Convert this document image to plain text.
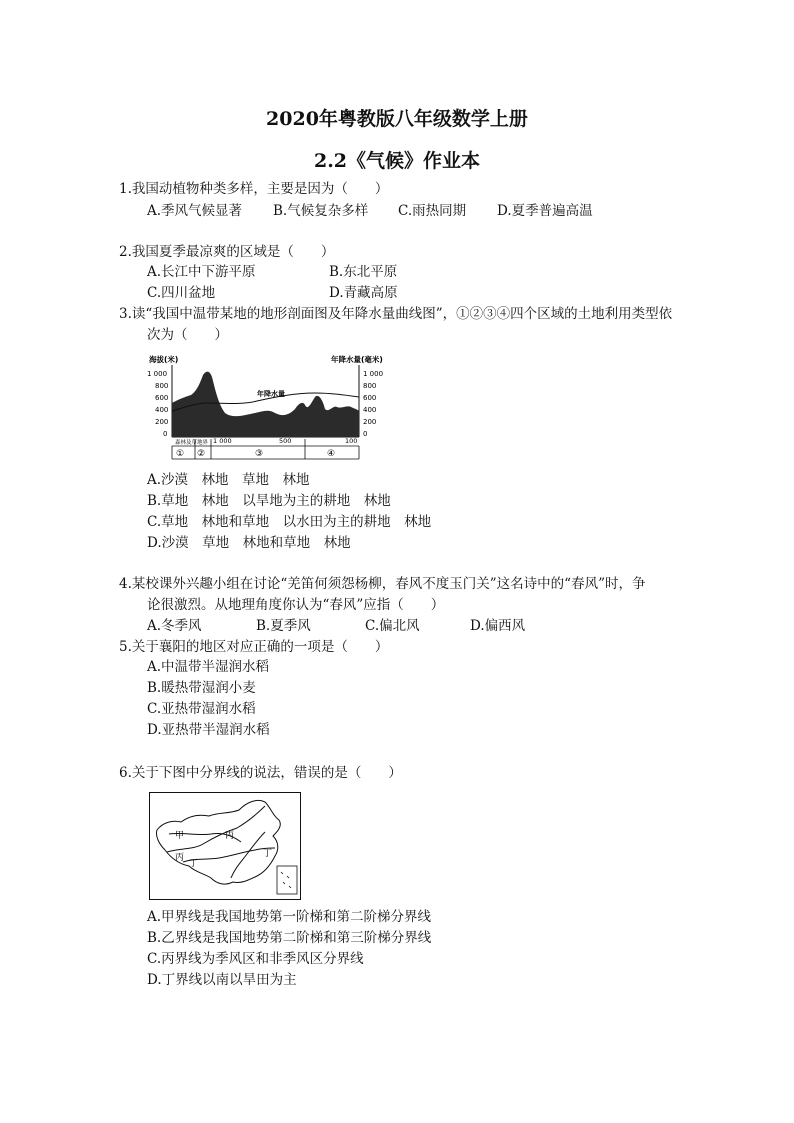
2020年粤教版八年级数学上册
2.2《气候》作业本
1.我国动植物种类多样，主要是因为（　　）
A.季风气候显著 B.气候复杂多样 C.雨热同期 D.夏季普遍高温
2.我国夏季最凉爽的区域是（　　）
A.长江中下游平原	B.东北平原
C.四川盆地	D.青藏高原
3.读“我国中温带某地的地形剖面图及年降水量曲线图”，①②③④四个区域的土地利用类型依
次为（　　）
海拔(米)	年降水量(毫米)
1 000
800
600
400
200
0
1 000
800
600
400
200
0
年降水量
1 000	500	100
森林及草地界
① ②	③	④
A.沙漠　林地　草地　林地
B.草地　林地　以旱地为主的耕地　林地
C.草地　林地和草地　以水田为主的耕地　林地
D.沙漠　草地　林地和草地　林地
4.某校课外兴趣小组在讨论“羌笛何须怨杨柳，春风不度玉门关”这名诗中的“春风”时，争
论很激烈。从地理角度你认为“春风”应指（　　）
A.冬季风	B.夏季风	C.偏北风	D.偏西风
5.关于襄阳的地区对应正确的一项是（　　）
A.中温带半湿润水稻
B.暖热带湿润小麦
C.亚热带湿润水稻
D.亚热带半湿润水稻
6.关于下图中分界线的说法，错误的是（　　）
甲	丙
丙
丁
丁
A.甲界线是我国地势第一阶梯和第二阶梯分界线
B.乙界线是我国地势第二阶梯和第三阶梯分界线
C.丙界线为季风区和非季风区分界线
D.丁界线以南以旱田为主
